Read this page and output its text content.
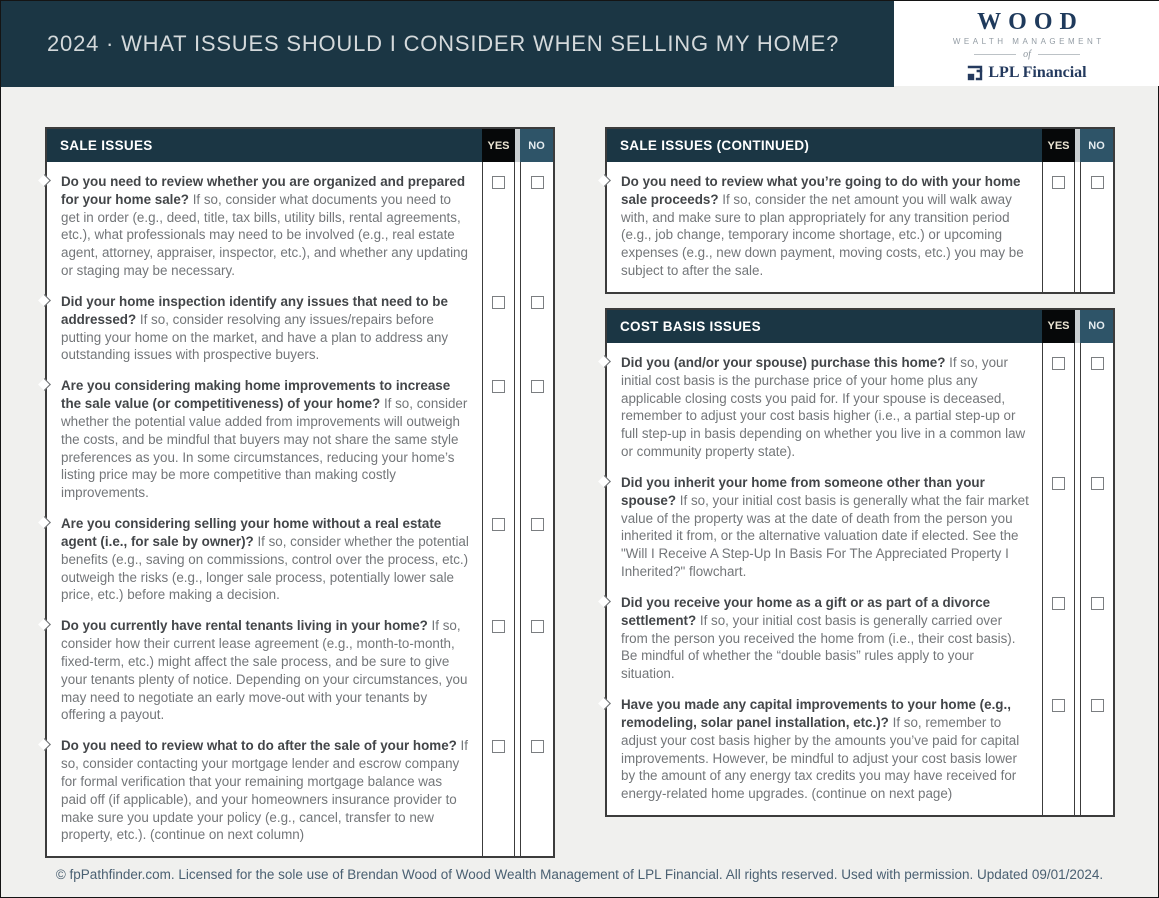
2024 · WHAT ISSUES SHOULD I CONSIDER WHEN SELLING MY HOME?
WOOD
WEALTH MANAGEMENT
of
LPL Financial
SALE ISSUES	YES	NO
Do you need to review whether you are organized and prepared for your home sale? If so, consider what documents you need to get in order (e.g., deed, title, tax bills, utility bills, rental agreements, etc.), what professionals may need to be involved (e.g., real estate agent, attorney, appraiser, inspector, etc.), and whether any updating or staging may be necessary.
Did your home inspection identify any issues that need to be addressed? If so, consider resolving any issues/repairs before putting your home on the market, and have a plan to address any outstanding issues with prospective buyers.
Are you considering making home improvements to increase the sale value (or competitiveness) of your home? If so, consider whether the potential value added from improvements will outweigh the costs, and be mindful that buyers may not share the same style preferences as you. In some circumstances, reducing your home’s listing price may be more competitive than making costly improvements.
Are you considering selling your home without a real estate agent (i.e., for sale by owner)? If so, consider whether the potential benefits (e.g., saving on commissions, control over the process, etc.) outweigh the risks (e.g., longer sale process, potentially lower sale price, etc.) before making a decision.
Do you currently have rental tenants living in your home? If so, consider how their current lease agreement (e.g., month-to-month, fixed-term, etc.) might affect the sale process, and be sure to give your tenants plenty of notice. Depending on your circumstances, you may need to negotiate an early move-out with your tenants by offering a payout.
Do you need to review what to do after the sale of your home? If so, consider contacting your mortgage lender and escrow company for formal verification that your remaining mortgage balance was paid off (if applicable), and your homeowners insurance provider to make sure you update your policy (e.g., cancel, transfer to new property, etc.). (continue on next column)
SALE ISSUES (CONTINUED)	YES	NO
Do you need to review what you’re going to do with your home sale proceeds? If so, consider the net amount you will walk away with, and make sure to plan appropriately for any transition period (e.g., job change, temporary income shortage, etc.) or upcoming expenses (e.g., new down payment, moving costs, etc.) you may be subject to after the sale.
COST BASIS ISSUES	YES	NO
Did you (and/or your spouse) purchase this home? If so, your initial cost basis is the purchase price of your home plus any applicable closing costs you paid for. If your spouse is deceased, remember to adjust your cost basis higher (i.e., a partial step-up or full step-up in basis depending on whether you live in a common law or community property state).
Did you inherit your home from someone other than your spouse? If so, your initial cost basis is generally what the fair market value of the property was at the date of death from the person you inherited it from, or the alternative valuation date if elected. See the "Will I Receive A Step-Up In Basis For The Appreciated Property I Inherited?" flowchart.
Did you receive your home as a gift or as part of a divorce settlement? If so, your initial cost basis is generally carried over from the person you received the home from (i.e., their cost basis). Be mindful of whether the “double basis” rules apply to your situation.
Have you made any capital improvements to your home (e.g., remodeling, solar panel installation, etc.)? If so, remember to adjust your cost basis higher by the amounts you’ve paid for capital improvements. However, be mindful to adjust your cost basis lower by the amount of any energy tax credits you may have received for energy-related home upgrades. (continue on next page)
© fpPathfinder.com. Licensed for the sole use of Brendan Wood of Wood Wealth Management of LPL Financial. All rights reserved. Used with permission. Updated 09/01/2024.
